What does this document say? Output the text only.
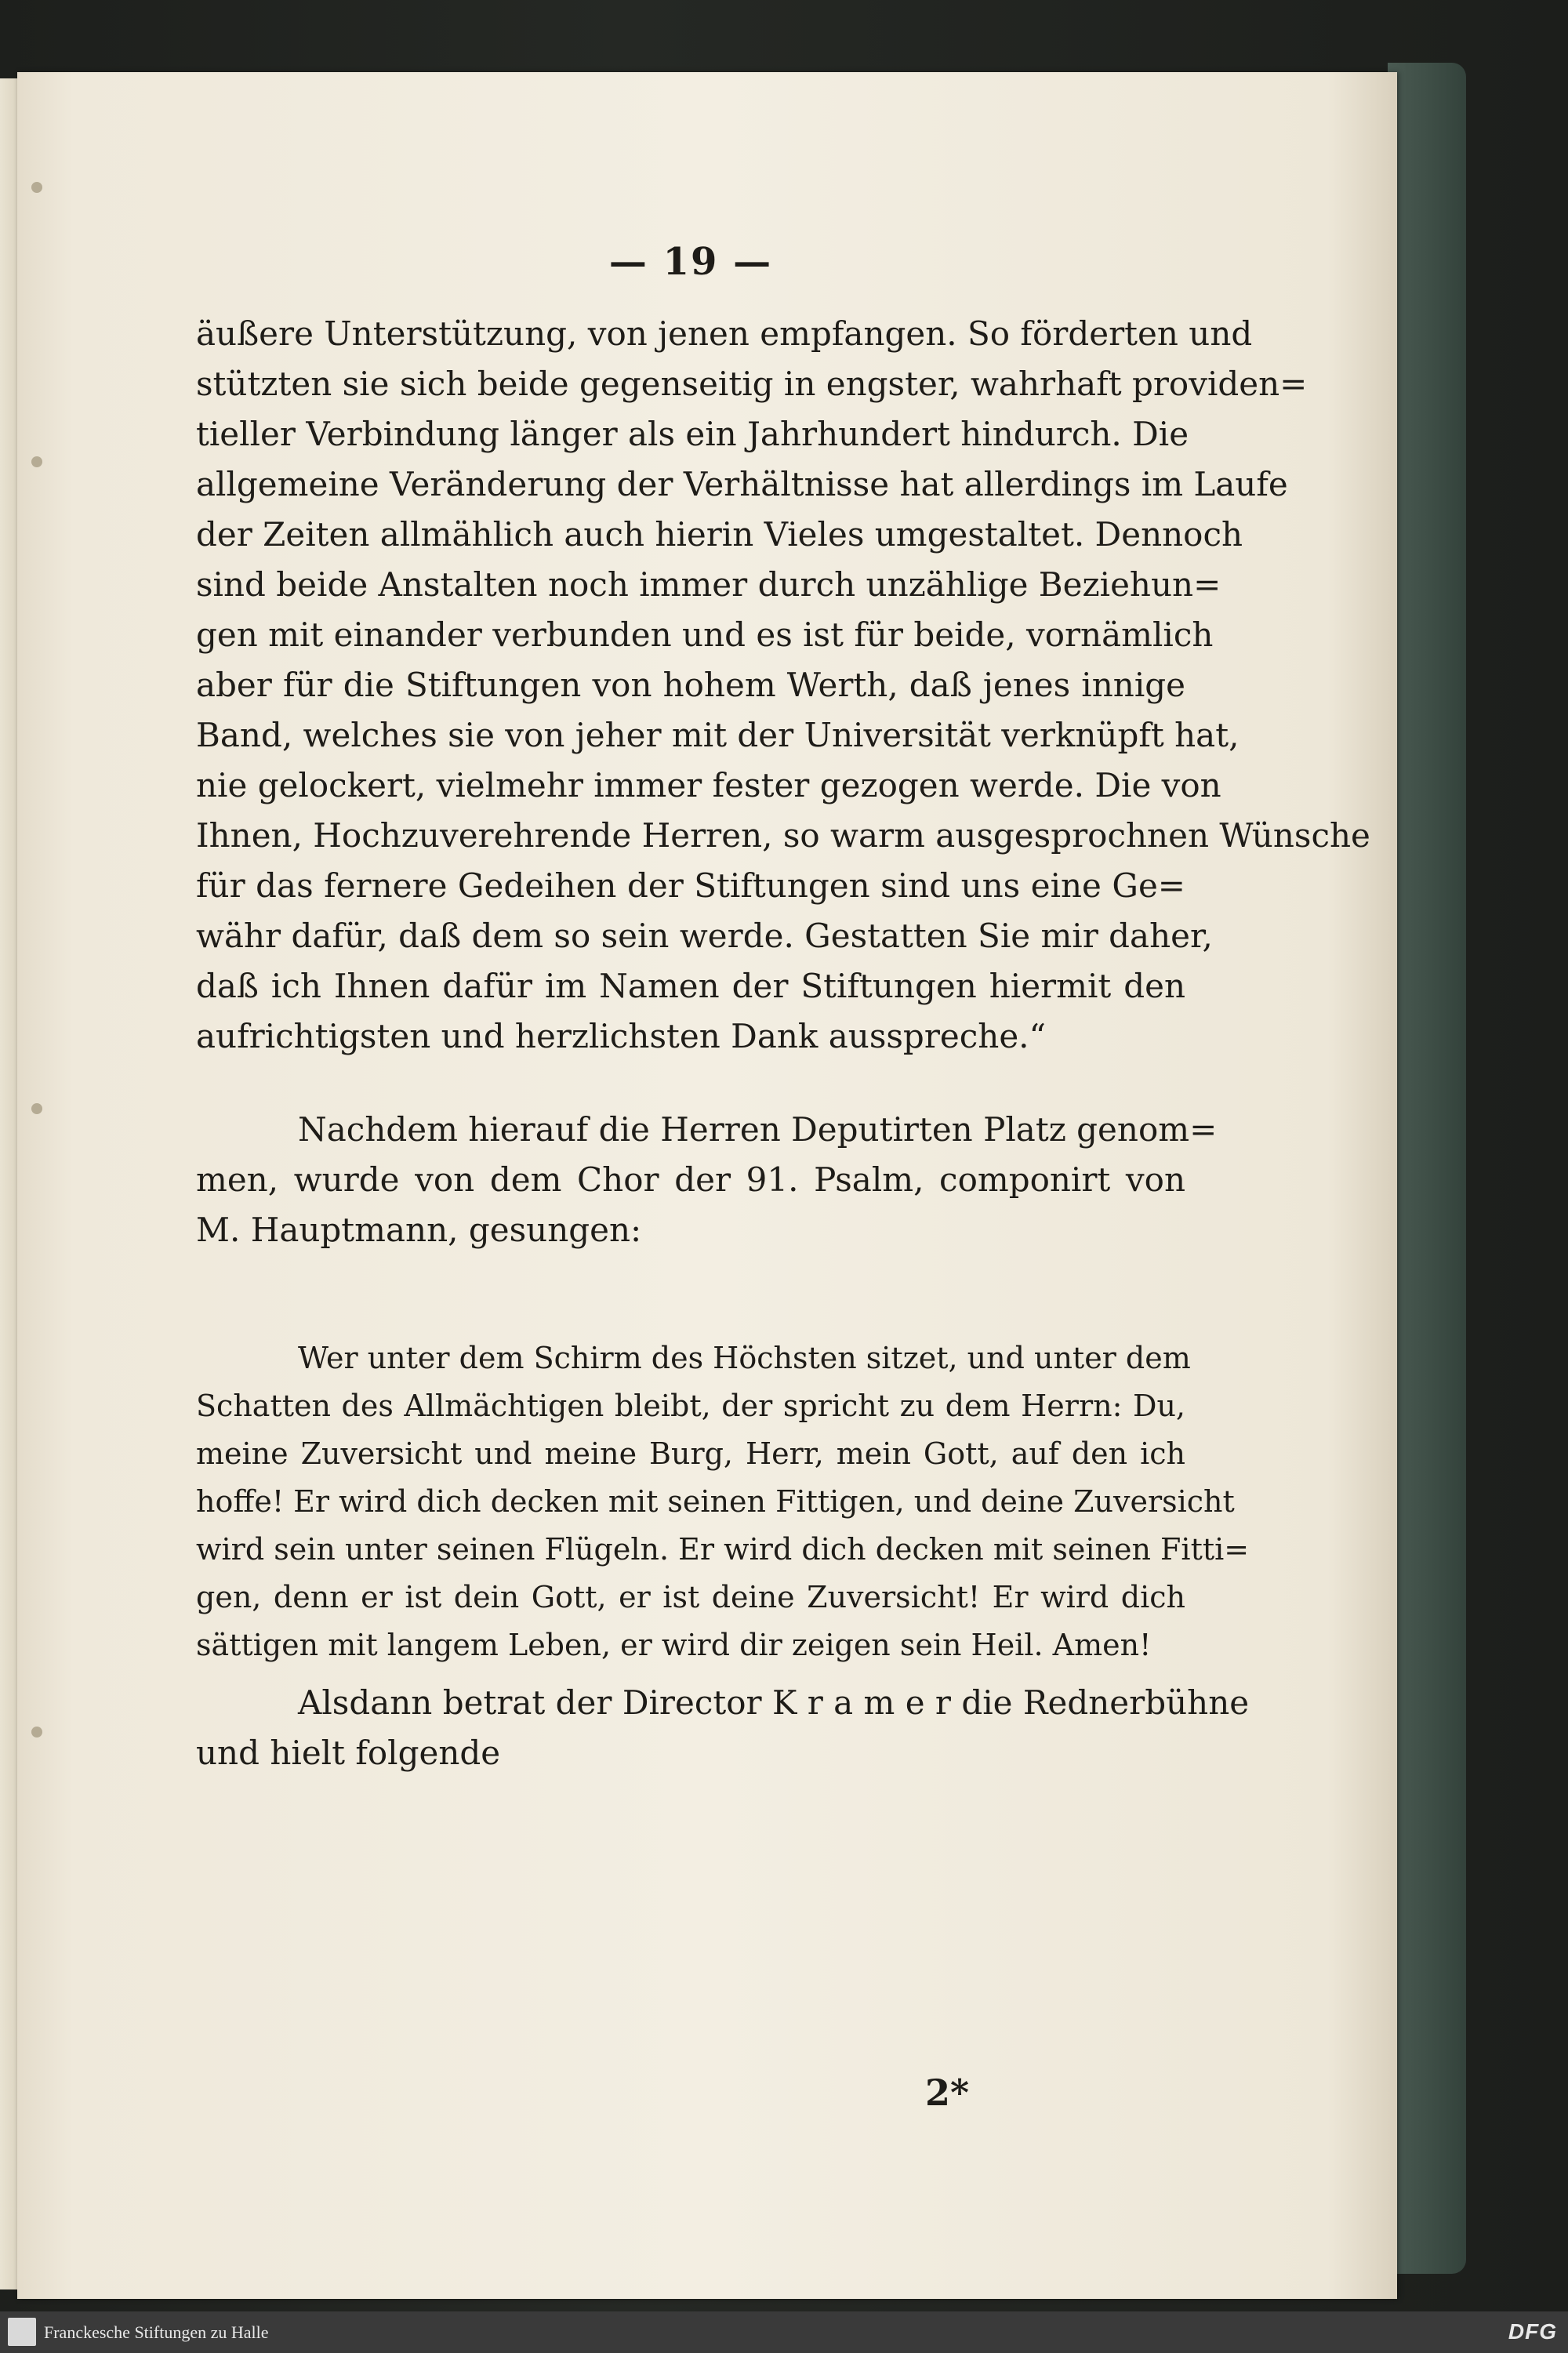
— 19 —
äußere Unterstützung, von jenen empfangen. So förderten und
stützten sie sich beide gegenseitig in engster, wahrhaft providen=
tieller Verbindung länger als ein Jahrhundert hindurch. Die
allgemeine Veränderung der Verhältnisse hat allerdings im Laufe
der Zeiten allmählich auch hierin Vieles umgestaltet. Dennoch
sind beide Anstalten noch immer durch unzählige Beziehun=
gen mit einander verbunden und es ist für beide, vornämlich
aber für die Stiftungen von hohem Werth, daß jenes innige
Band, welches sie von jeher mit der Universität verknüpft hat,
nie gelockert, vielmehr immer fester gezogen werde. Die von
Ihnen, Hochzuverehrende Herren, so warm ausgesprochnen Wünsche
für das fernere Gedeihen der Stiftungen sind uns eine Ge=
währ dafür, daß dem so sein werde. Gestatten Sie mir daher,
daß ich Ihnen dafür im Namen der Stiftungen hiermit den
aufrichtigsten und herzlichsten Dank ausspreche.“
Nachdem hierauf die Herren Deputirten Platz genom=
men, wurde von dem Chor der 91. Psalm, componirt von
M. Hauptmann, gesungen:
Wer unter dem Schirm des Höchsten sitzet, und unter dem
Schatten des Allmächtigen bleibt, der spricht zu dem Herrn: Du,
meine Zuversicht und meine Burg, Herr, mein Gott, auf den ich
hoffe! Er wird dich decken mit seinen Fittigen, und deine Zuversicht
wird sein unter seinen Flügeln. Er wird dich decken mit seinen Fitti=
gen, denn er ist dein Gott, er ist deine Zuversicht! Er wird dich
sättigen mit langem Leben, er wird dir zeigen sein Heil. Amen!
Alsdann betrat der Director K r a m e r die Rednerbühne
und hielt folgende
2*
Franckesche Stiftungen zu Halle	DFG
